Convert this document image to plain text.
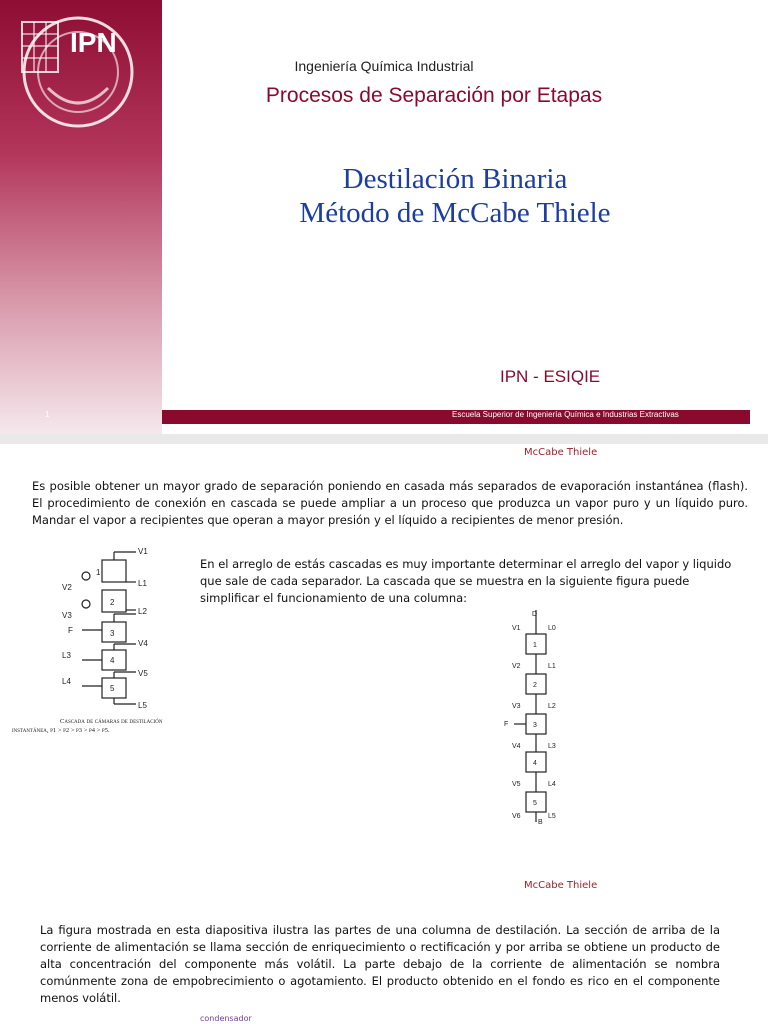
IPN
Ingeniería Química Industrial
Procesos de Separación por Etapas
Destilación Binaria
Método de McCabe Thiele
IPN - ESIQIE
1	Escuela Superior de Ingeniería Química e Industrias Extractivas
McCabe Thiele
Es posible obtener un mayor grado de separación poniendo en casada más separados de evaporación instantánea (flash). El procedimiento de conexión en cascada se puede ampliar a un proceso que produzca un vapor puro y un líquido puro. Mandar el vapor a recipientes que operan a mayor presión y el líquido a recipientes de menor presión.
En el arreglo de estás cascadas es muy importante determinar el arreglo del vapor y liquido que sale de cada separador. La cascada que se muestra en la siguiente figura puede simplificar el funcionamiento de una columna:
1
2
3
4
5
V1
V2	L1
V3	L2
F
V4
L3
L4
V5
L5
Cascada de cámaras de destilación
instantánea, p1 > p2 > p3 > p4 > p5.
1
2
3
4
5
D
V1	L0
V2	L1
V3	L2
F
V4	L3
V5	L4
V6	L5
B
McCabe Thiele
La figura mostrada en esta diapositiva ilustra las partes de una columna de destilación. La sección de arriba de la corriente de alimentación se llama sección de enriquecimiento o rectificación y por arriba se obtiene un producto de alta concentración del componente más volátil. La parte debajo de la corriente de alimentación se nombra comúnmente zona de empobrecimiento o agotamiento. El producto obtenido en el fondo es rico en el componente menos volátil.
condensador
